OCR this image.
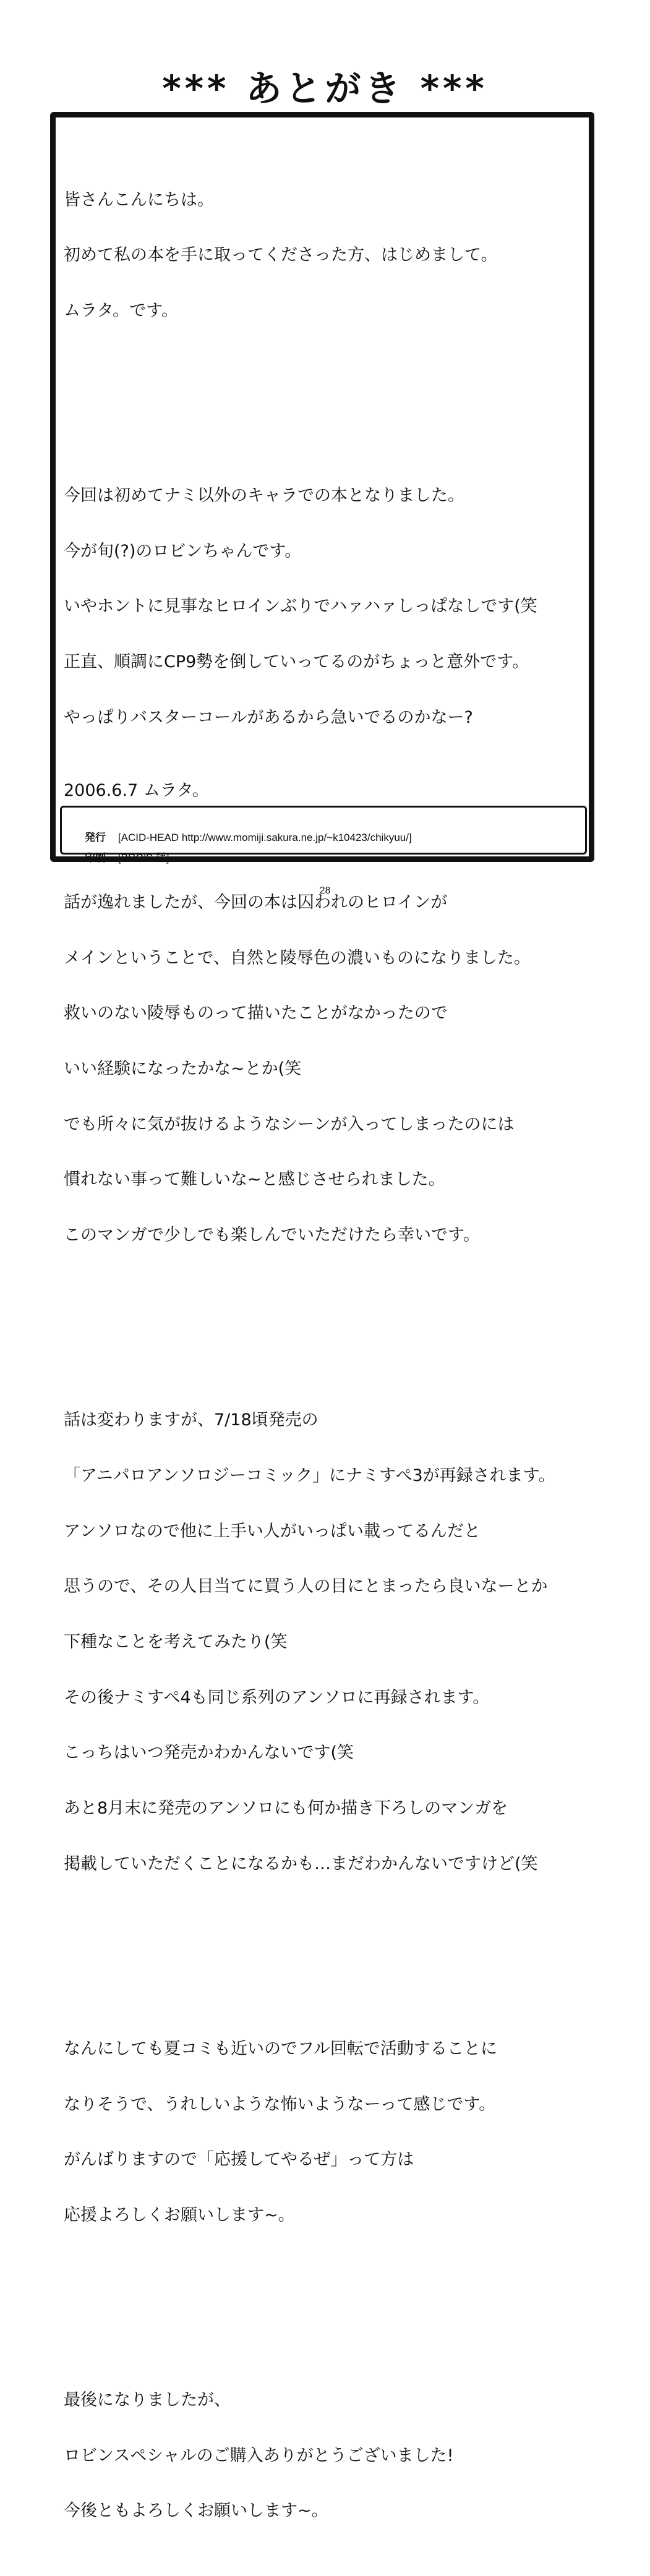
*** あとがき ***

皆さんこんにちは。

初めて私の本を手に取ってくださった方、はじめまして。

ムラタ。です。

今回は初めてナミ以外のキャラでの本となりました。

今が旬(?)のロビンちゃんです。

いやホントに見事なヒロインぶりでハァハァしっぱなしです(笑

正直、順調にCP9勢を倒していってるのがちょっと意外です。

やっぱりバスターコールがあるから急いでるのかなー?

話が逸れましたが、今回の本は囚われのヒロインが

メインということで、自然と陵辱色の濃いものになりました。

救いのない陵辱ものって描いたことがなかったので

いい経験になったかな~とか(笑

でも所々に気が抜けるようなシーンが入ってしまったのには

慣れない事って難しいな~と感じさせられました。

このマンガで少しでも楽しんでいただけたら幸いです。

話は変わりますが、7/18頃発売の

「アニパロアンソロジーコミック」にナミすぺ3が再録されます。

アンソロなので他に上手い人がいっぱい載ってるんだと

思うので、その人目当てに買う人の目にとまったら良いなーとか

下種なことを考えてみたり(笑

その後ナミすぺ4も同じ系列のアンソロに再録されます。

こっちはいつ発売かわかんないです(笑

あと8月末に発売のアンソロにも何か描き下ろしのマンガを

掲載していただくことになるかも…まだわかんないですけど(笑

なんにしても夏コミも近いのでフル回転で活動することに

なりそうで、うれしいような怖いようなーって感じです。

がんばりますので「応援してやるぜ」って方は

応援よろしくお願いします~。

最後になりましたが、

ロビンスペシャルのご購入ありがとうございました!

今後ともよろしくお願いします~。

2006.6.7 ムラタ。

発行 [ACID-HEAD http://www.momiji.sakura.ne.jp/~k10423/chikyuu/]

印刷 [BRO'S 様]

28
